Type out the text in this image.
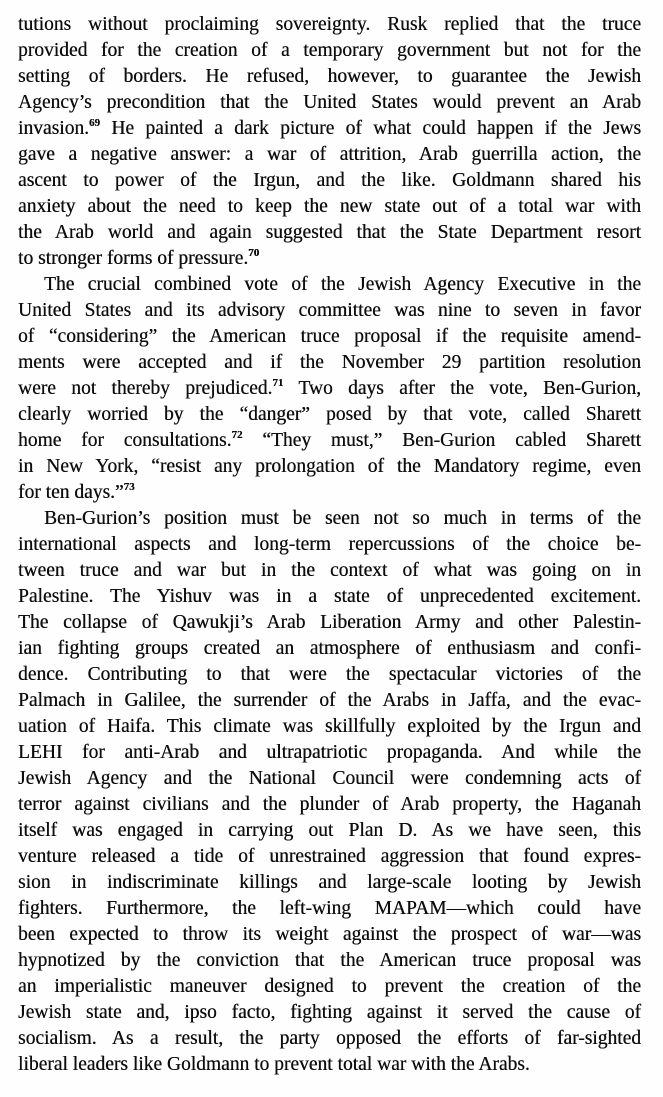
tutions without proclaiming sovereignty. Rusk replied that the truce
provided for the creation of a temporary government but not for the
setting of borders. He refused, however, to guarantee the Jewish
Agency’s precondition that the United States would prevent an Arab
invasion.$^{69}$ He painted a dark picture of what could happen if the Jews
gave a negative answer: a war of attrition, Arab guerrilla action, the
ascent to power of the Irgun, and the like. Goldmann shared his
anxiety about the need to keep the new state out of a total war with
the Arab world and again suggested that the State Department resort
to stronger forms of pressure.$^{70}$
The crucial combined vote of the Jewish Agency Executive in the
United States and its advisory committee was nine to seven in favor
of “considering” the American truce proposal if the requisite amend-
ments were accepted and if the November 29 partition resolution
were not thereby prejudiced.$^{71}$ Two days after the vote, Ben-Gurion,
clearly worried by the “danger” posed by that vote, called Sharett
home for consultations.$^{72}$ “They must,” Ben-Gurion cabled Sharett
in New York, “resist any prolongation of the Mandatory regime, even
for ten days.”$^{73}$
Ben-Gurion’s position must be seen not so much in terms of the
international aspects and long-term repercussions of the choice be-
tween truce and war but in the context of what was going on in
Palestine. The Yishuv was in a state of unprecedented excitement.
The collapse of Qawukji’s Arab Liberation Army and other Palestin-
ian fighting groups created an atmosphere of enthusiasm and confi-
dence. Contributing to that were the spectacular victories of the
Palmach in Galilee, the surrender of the Arabs in Jaffa, and the evac-
uation of Haifa. This climate was skillfully exploited by the Irgun and
LEHI for anti-Arab and ultrapatriotic propaganda. And while the
Jewish Agency and the National Council were condemning acts of
terror against civilians and the plunder of Arab property, the Haganah
itself was engaged in carrying out Plan D. As we have seen, this
venture released a tide of unrestrained aggression that found expres-
sion in indiscriminate killings and large-scale looting by Jewish
fighters. Furthermore, the left-wing MAPAM—which could have
been expected to throw its weight against the prospect of war—was
hypnotized by the conviction that the American truce proposal was
an imperialistic maneuver designed to prevent the creation of the
Jewish state and, ipso facto, fighting against it served the cause of
socialism. As a result, the party opposed the efforts of far-sighted
liberal leaders like Goldmann to prevent total war with the Arabs.
